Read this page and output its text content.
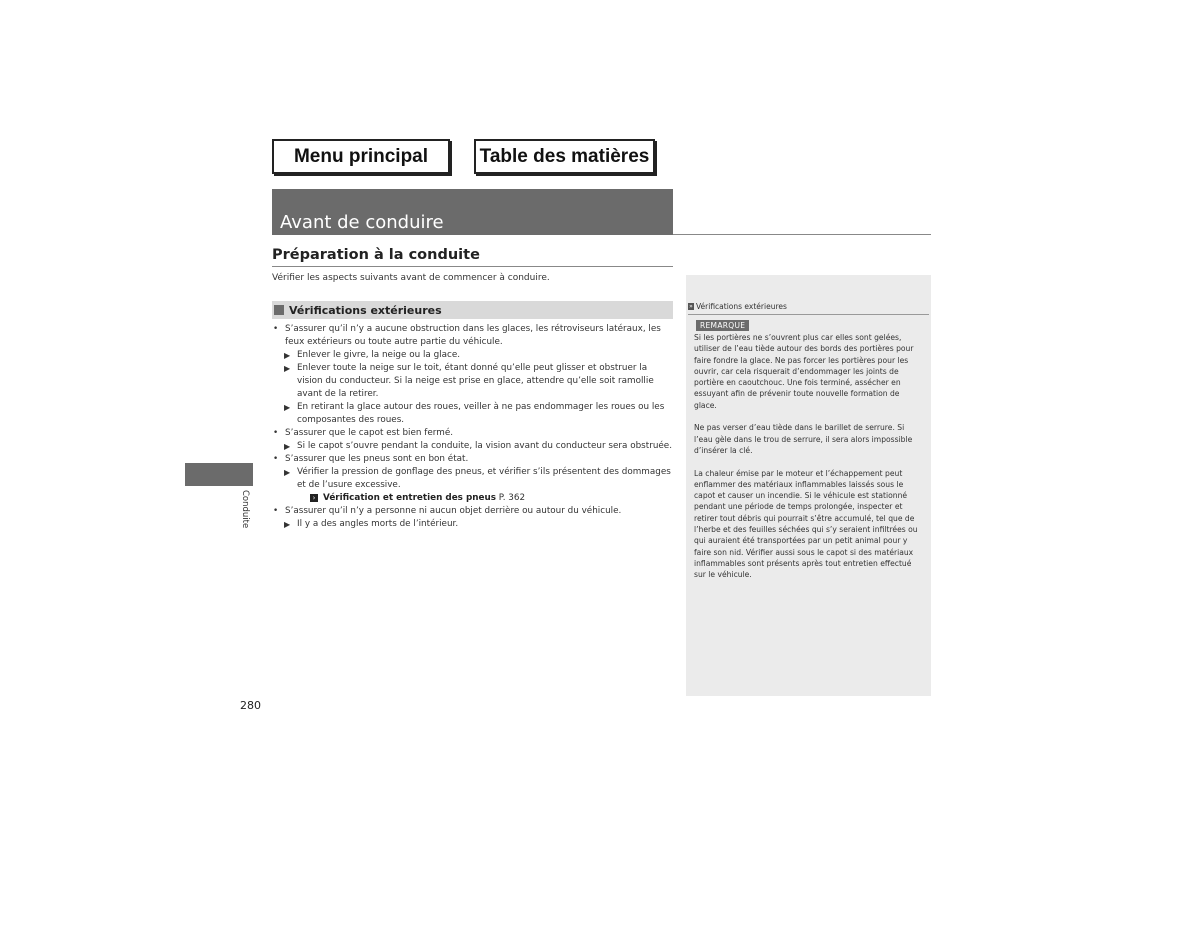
Menu principal	Table des matières
Avant de conduire
Préparation à la conduite
Vérifier les aspects suivants avant de commencer à conduire.
Vérifications extérieures
• S’assurer qu’il n’y a aucune obstruction dans les glaces, les rétroviseurs latéraux, les feux extérieurs ou toute autre partie du véhicule.
▶ Enlever le givre, la neige ou la glace.
▶ Enlever toute la neige sur le toit, étant donné qu’elle peut glisser et obstruer la vision du conducteur. Si la neige est prise en glace, attendre qu’elle soit ramollie avant de la retirer.
▶ En retirant la glace autour des roues, veiller à ne pas endommager les roues ou les composantes des roues.
• S’assurer que le capot est bien fermé.
▶ Si le capot s’ouvre pendant la conduite, la vision avant du conducteur sera obstruée.
• S’assurer que les pneus sont en bon état.
▶ Vérifier la pression de gonflage des pneus, et vérifier s’ils présentent des dommages et de l’usure excessive.
› Vérification et entretien des pneus P. 362
• S’assurer qu’il n’y a personne ni aucun objet derrière ou autour du véhicule.
▶ Il y a des angles morts de l’intérieur.
Conduite
280
» Vérifications extérieures
REMARQUE

Si les portières ne s’ouvrent plus car elles sont gelées, utiliser de l’eau tiède autour des bords des portières pour faire fondre la glace. Ne pas forcer les portières pour les ouvrir, car cela risquerait d’endommager les joints de portière en caoutchouc. Une fois terminé, assécher en essuyant afin de prévenir toute nouvelle formation de glace.

Ne pas verser d’eau tiède dans le barillet de serrure. Si l’eau gèle dans le trou de serrure, il sera alors impossible d’insérer la clé.

La chaleur émise par le moteur et l’échappement peut enflammer des matériaux inflammables laissés sous le capot et causer un incendie. Si le véhicule est stationné pendant une période de temps prolongée, inspecter et retirer tout débris qui pourrait s’être accumulé, tel que de l’herbe et des feuilles séchées qui s’y seraient infiltrées ou qui auraient été transportées par un petit animal pour y faire son nid. Vérifier aussi sous le capot si des matériaux inflammables sont présents après tout entretien effectué sur le véhicule.
